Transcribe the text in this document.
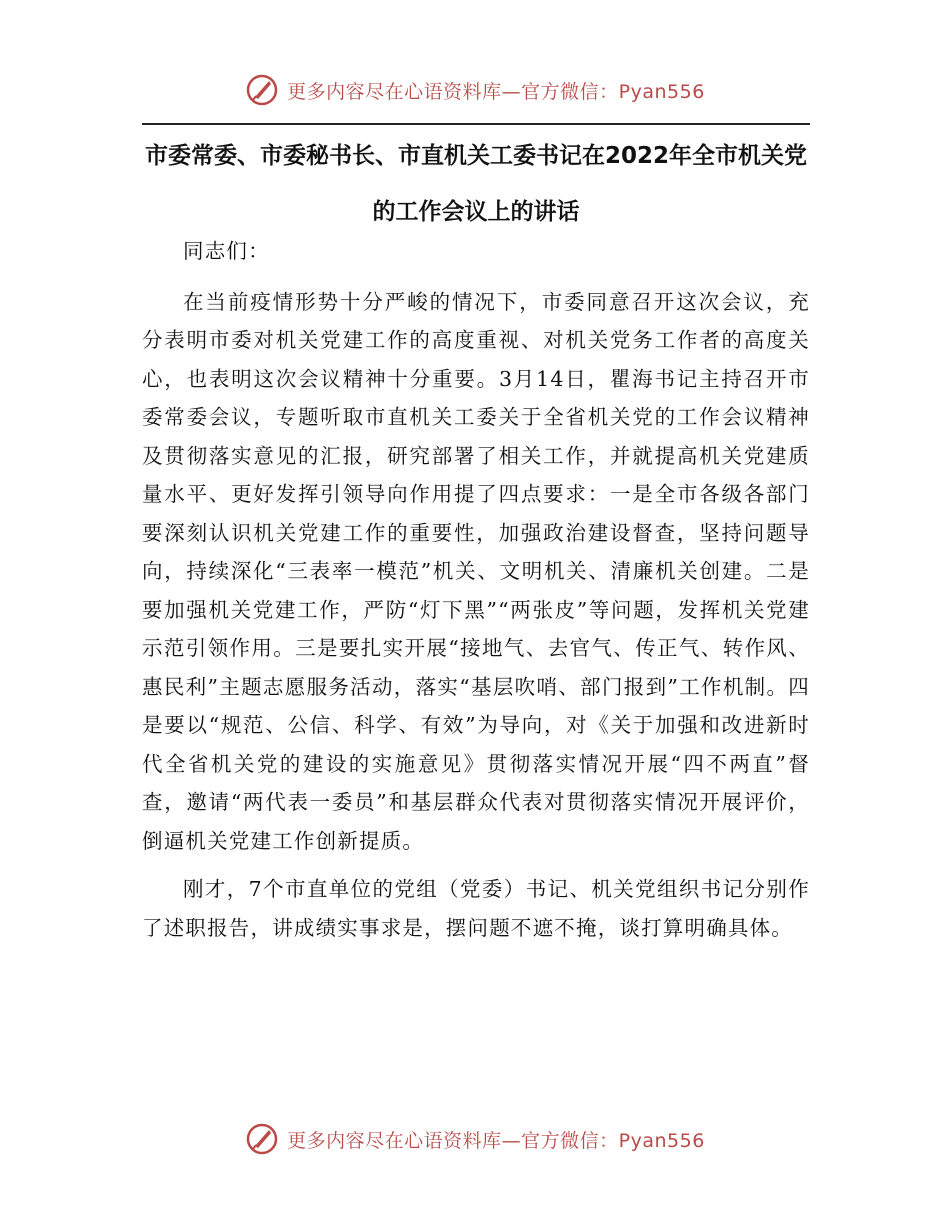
更多内容尽在心语资料库—官方微信：Pyan556
市委常委、市委秘书长、市直机关工委书记在2022年全市机关党的工作会议上的讲话

同志们：

在当前疫情形势十分严峻的情况下，市委同意召开这次会议，充分表明市委对机关党建工作的高度重视、对机关党务工作者的高度关心，也表明这次会议精神十分重要。3月14日，瞿海书记主持召开市委常委会议，专题听取市直机关工委关于全省机关党的工作会议精神及贯彻落实意见的汇报，研究部署了相关工作，并就提高机关党建质量水平、更好发挥引领导向作用提了四点要求：一是全市各级各部门要深刻认识机关党建工作的重要性，加强政治建设督查，坚持问题导向，持续深化“三表率一模范”机关、文明机关、清廉机关创建。二是要加强机关党建工作，严防“灯下黑”“两张皮”等问题，发挥机关党建示范引领作用。三是要扎实开展“接地气、去官气、传正气、转作风、惠民利”主题志愿服务活动，落实“基层吹哨、部门报到”工作机制。四是要以“规范、公信、科学、有效”为导向，对《关于加强和改进新时代全省机关党的建设的实施意见》贯彻落实情况开展“四不两直”督查，邀请“两代表一委员”和基层群众代表对贯彻落实情况开展评价，倒逼机关党建工作创新提质。

刚才，7个市直单位的党组（党委）书记、机关党组织书记分别作了述职报告，讲成绩实事求是，摆问题不遮不掩，谈打算明确具体。

更多内容尽在心语资料库—官方微信：Pyan556
